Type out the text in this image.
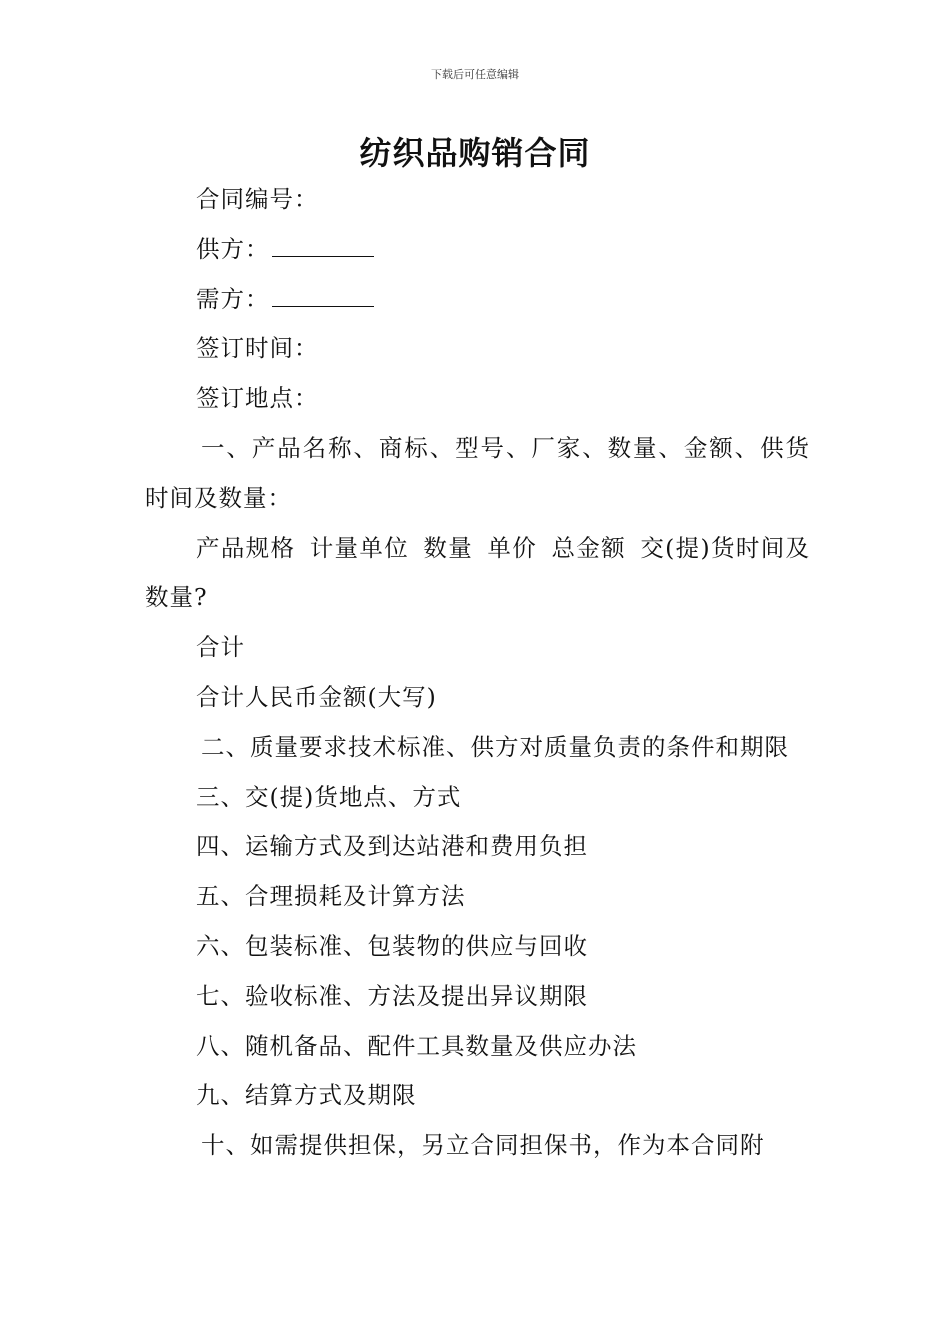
下载后可任意编辑
纺织品购销合同

合同编号：

供方：

需方：

签订时间：

签订地点：

一、产品名称、商标、型号、厂家、数量、金额、供货时间及数量：

产品规格 计量单位 数量 单价 总金额 交(提)货时间及数量?

合计

合计人民币金额(大写)

二、质量要求技术标准、供方对质量负责的条件和期限

三、交(提)货地点、方式

四、运输方式及到达站港和费用负担

五、合理损耗及计算方法

六、包装标准、包装物的供应与回收

七、验收标准、方法及提出异议期限

八、随机备品、配件工具数量及供应办法

九、结算方式及期限

十、如需提供担保，另立合同担保书，作为本合同附
